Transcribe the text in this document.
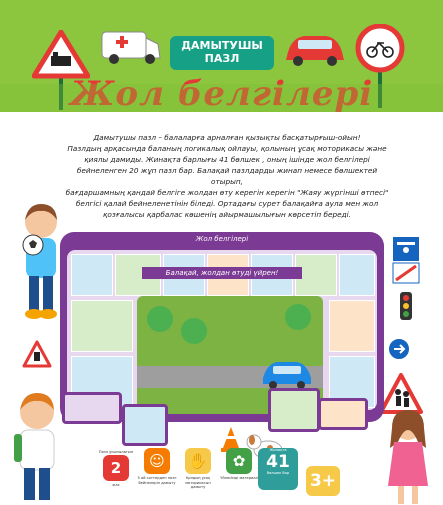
ДАМЫТУШЫ
ПАЗЛ
Жол белгілері
Дамытушы пазл – балаларға арналған қызықты басқатырғыш-ойын!
Пазлдың арқасында баланың логикалық ойлауы, қолының ұсақ моторикасы және
қиялы дамиды. Жинақта барлығы 41 бөлшек , оның ішінде жол белгілері
бейнеленген 20 жұп пазл бар. Балақай пазлдарды жинап немесе бөлшектей отырып,
бағдаршамның қандай белгіге жолдан өту керегін керегін "Жаяу жүргіншi өтпесі"
белгісі қалай бейнеленетінін біледі. Ортадағы сурет балақайға аула мен жол
қозғалысы қарбалас көшенің айырмашылығын көрсетіп береді.
Жол белгілері
Балақай, жолдан өтуді үйрен!
Пазл ұсынылатын
2
жас
☺
5 ой сәттерден пазл бейнелерін дамыту
✋
Қолдың ұсақ моторикасын дамыту
✿
Үйлесімді материал
Жинақта
41
бөлшек бар	3+
